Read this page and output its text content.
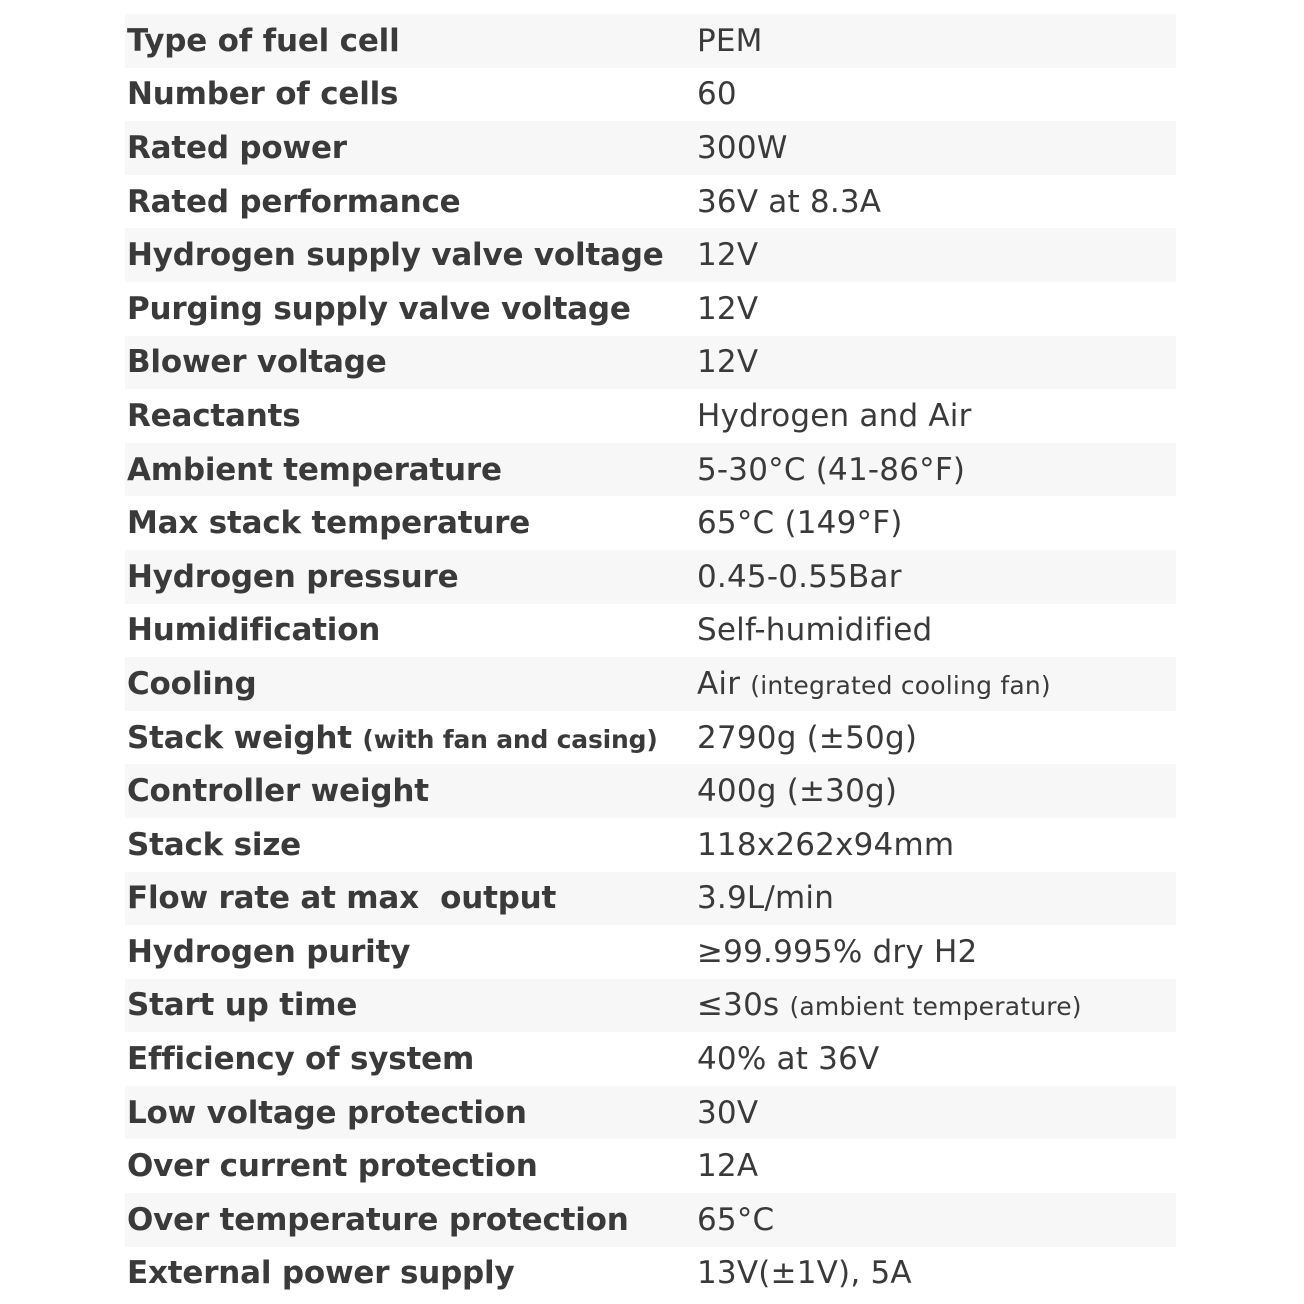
Type of fuel cell	PEM
Number of cells	60
Rated power	300W
Rated performance	36V at 8.3A
Hydrogen supply valve voltage	12V
Purging supply valve voltage	12V
Blower voltage	12V
Reactants	Hydrogen and Air
Ambient temperature	5-30°C (41-86°F)
Max stack temperature	65°C (149°F)
Hydrogen pressure	0.45-0.55Bar
Humidification	Self-humidified
Cooling	Air (integrated cooling fan)
Stack weight (with fan and casing)	2790g (±50g)
Controller weight	400g (±30g)
Stack size	118x262x94mm
Flow rate at max  output	3.9L/min
Hydrogen purity	≥99.995% dry H2
Start up time	≤30s (ambient temperature)
Efficiency of system	40% at 36V
Low voltage protection	30V
Over current protection	12A
Over temperature protection	65°C
External power supply	13V(±1V), 5A
